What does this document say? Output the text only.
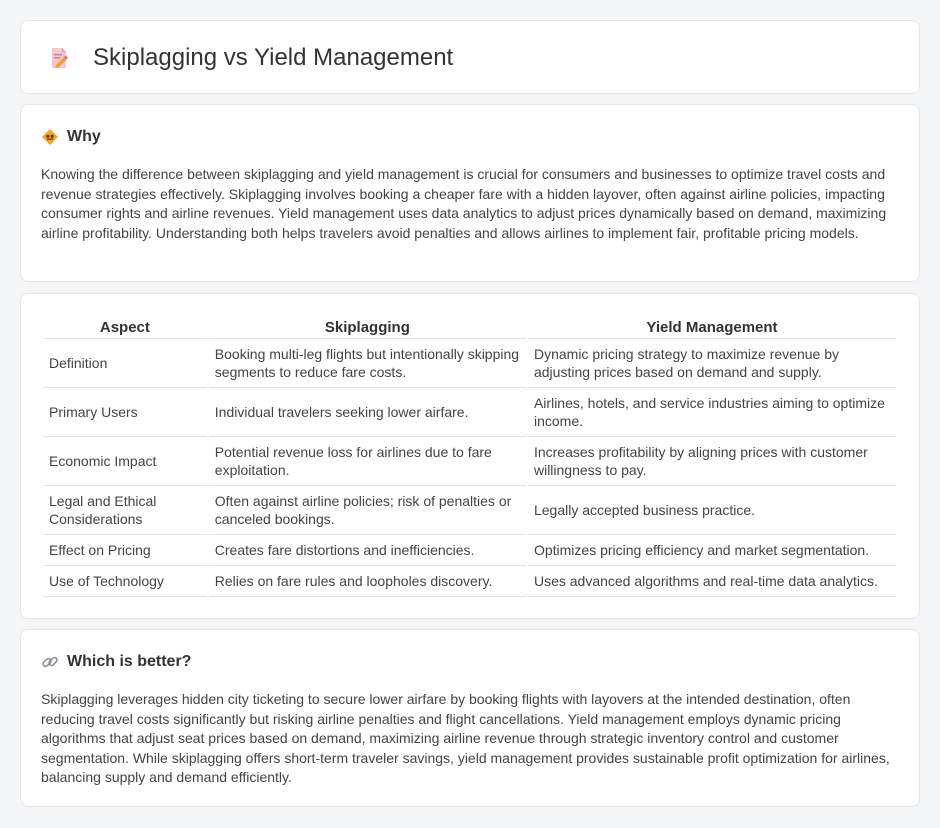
Skiplagging vs Yield Management
Why

Knowing the difference between skiplagging and yield management is crucial for consumers and businesses to optimize travel costs and revenue strategies effectively. Skiplagging involves booking a cheaper fare with a hidden layover, often against airline policies, impacting consumer rights and airline revenues. Yield management uses data analytics to adjust prices dynamically based on demand, maximizing airline profitability. Understanding both helps travelers avoid penalties and allows airlines to implement fair, profitable pricing models.

Aspect	Skiplagging	Yield Management
Definition	Booking multi-leg flights but intentionally skipping segments to reduce fare costs.	Dynamic pricing strategy to maximize revenue by adjusting prices based on demand and supply.
Primary Users	Individual travelers seeking lower airfare.	Airlines, hotels, and service industries aiming to optimize income.
Economic Impact	Potential revenue loss for airlines due to fare exploitation.	Increases profitability by aligning prices with customer willingness to pay.
Legal and Ethical Considerations	Often against airline policies; risk of penalties or canceled bookings.	Legally accepted business practice.
Effect on Pricing	Creates fare distortions and inefficiencies.	Optimizes pricing efficiency and market segmentation.
Use of Technology	Relies on fare rules and loopholes discovery.	Uses advanced algorithms and real-time data analytics.
Which is better?

Skiplagging leverages hidden city ticketing to secure lower airfare by booking flights with layovers at the intended destination, often reducing travel costs significantly but risking airline penalties and flight cancellations. Yield management employs dynamic pricing algorithms that adjust seat prices based on demand, maximizing airline revenue through strategic inventory control and customer segmentation. While skiplagging offers short-term traveler savings, yield management provides sustainable profit optimization for airlines, balancing supply and demand efficiently.
